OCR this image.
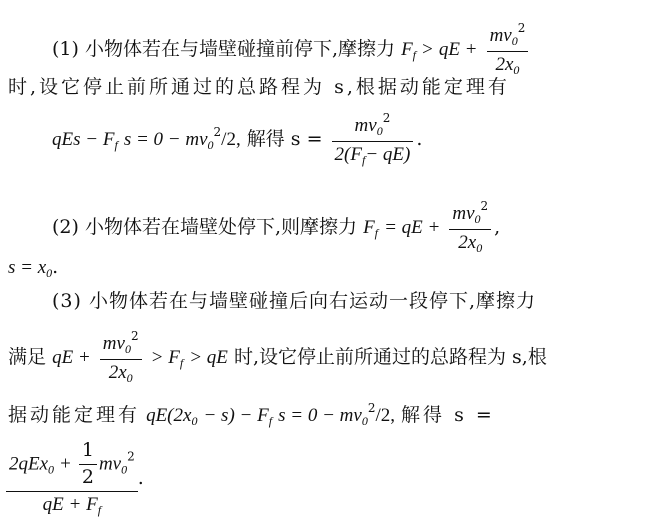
(1) 小物体若在与墙壁碰撞前停下,摩擦力 $F_f$ > qE + $\frac{mv_0^2}{2x_0}$
时,设它停止前所通过的总路程为 s,根据动能定理有
qEs − $F_f$ $s = 0 - mv_0^2/2$, 解得 $s = \frac{mv_0^2}{2(F_f- qE)}$ .
(2) 小物体若在墙壁处停下,则摩擦力 $F_f$ = qE + $\frac{mv_0^2}{2x_0}$ ,
$s = x_0$.
(3) 小物体若在与墙壁碰撞后向右运动一段停下,摩擦力
满足 qE + $\frac{mv_0^2}{2x_0} > F_f$ > qE 时,设它停止前所通过的总路程为 s,根
据动能定理有 $qE(2x_0 - s) - F_f$ $s = 0 - mv_0^2/2$, 解得 s =
$2qEx_0 + \frac{1}{2} mv_0^2$
qE + $F_f$
.
